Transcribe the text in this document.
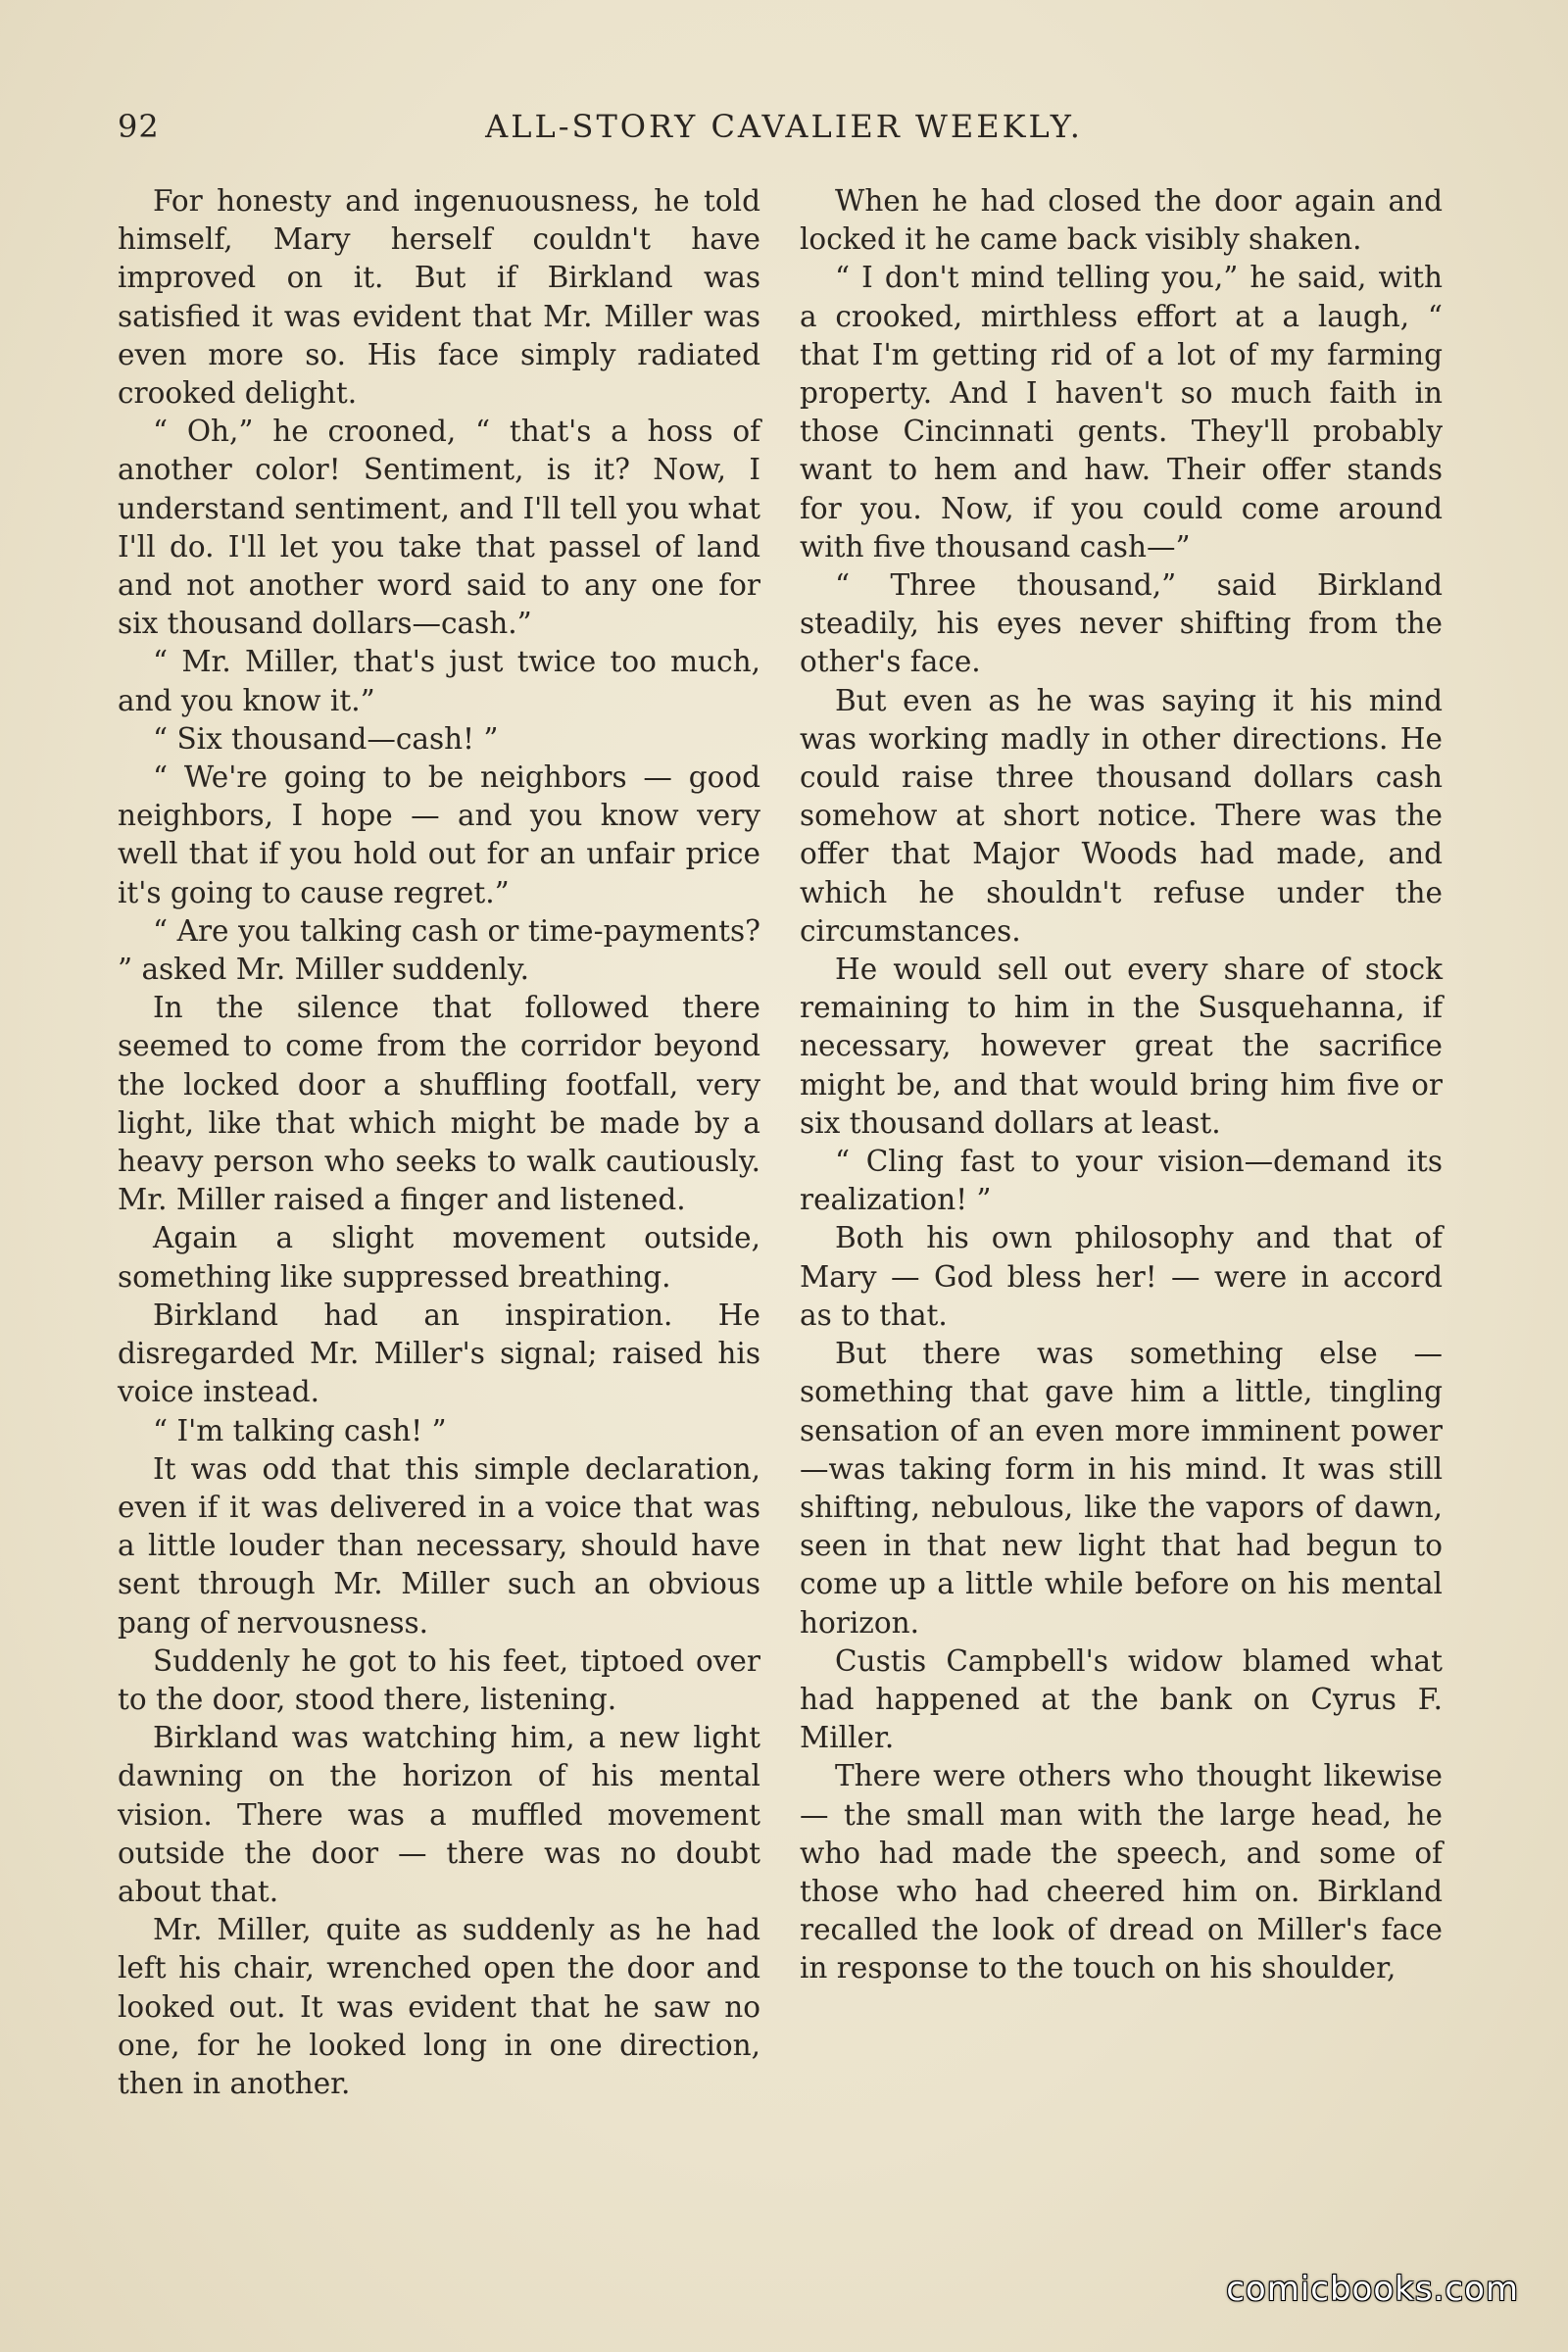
92	ALL-STORY CAVALIER WEEKLY.

For honesty and ingenuousness, he told himself, Mary herself couldn't have improved on it. But if Birkland was satisfied it was evident that Mr. Miller was even more so. His face simply radiated crooked delight.

“ Oh,” he crooned, “ that's a hoss of another color! Sentiment, is it? Now, I understand sentiment, and I'll tell you what I'll do. I'll let you take that passel of land and not another word said to any one for six thousand dollars—cash.”

“ Mr. Miller, that's just twice too much, and you know it.”

“ Six thousand—cash! ”

“ We're going to be neighbors — good neighbors, I hope — and you know very well that if you hold out for an unfair price it's going to cause regret.”

“ Are you talking cash or time-payments? ” asked Mr. Miller suddenly.

In the silence that followed there seemed to come from the corridor beyond the locked door a shuffling footfall, very light, like that which might be made by a heavy person who seeks to walk cautiously. Mr. Miller raised a finger and listened.

Again a slight movement outside, something like suppressed breathing.

Birkland had an inspiration. He disregarded Mr. Miller's signal; raised his voice instead.

“ I'm talking cash! ”

It was odd that this simple declaration, even if it was delivered in a voice that was a little louder than necessary, should have sent through Mr. Miller such an obvious pang of nervousness.

Suddenly he got to his feet, tiptoed over to the door, stood there, listening.

Birkland was watching him, a new light dawning on the horizon of his mental vision. There was a muffled movement outside the door — there was no doubt about that.

Mr. Miller, quite as suddenly as he had left his chair, wrenched open the door and looked out. It was evident that he saw no one, for he looked long in one direction, then in another.

When he had closed the door again and locked it he came back visibly shaken.

“ I don't mind telling you,” he said, with a crooked, mirthless effort at a laugh, “ that I'm getting rid of a lot of my farming property. And I haven't so much faith in those Cincinnati gents. They'll probably want to hem and haw. Their offer stands for you. Now, if you could come around with five thousand cash—”

“ Three thousand,” said Birkland steadily, his eyes never shifting from the other's face.

But even as he was saying it his mind was working madly in other directions. He could raise three thousand dollars cash somehow at short notice. There was the offer that Major Woods had made, and which he shouldn't refuse under the circumstances.

He would sell out every share of stock remaining to him in the Susquehanna, if necessary, however great the sacrifice might be, and that would bring him five or six thousand dollars at least.

“ Cling fast to your vision—demand its realization! ”

Both his own philosophy and that of Mary — God bless her! — were in accord as to that.

But there was something else — something that gave him a little, tingling sensation of an even more imminent power—was taking form in his mind. It was still shifting, nebulous, like the vapors of dawn, seen in that new light that had begun to come up a little while before on his mental horizon.

Custis Campbell's widow blamed what had happened at the bank on Cyrus F. Miller.

There were others who thought likewise — the small man with the large head, he who had made the speech, and some of those who had cheered him on. Birkland recalled the look of dread on Miller's face in response to the touch on his shoulder,

comicbooks.com
